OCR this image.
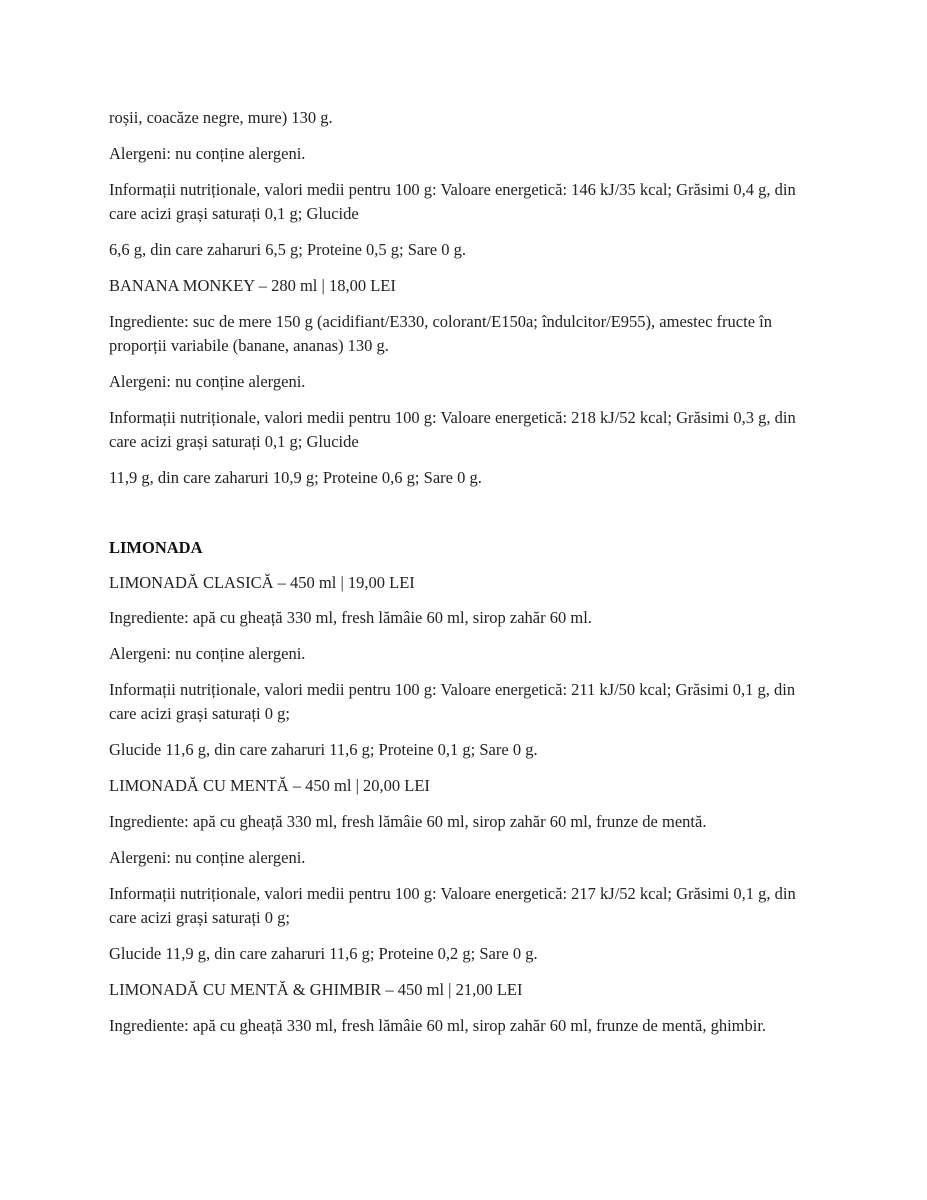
roșii, coacăze negre, mure) 130 g.

Alergeni: nu conține alergeni.

Informații nutriționale, valori medii pentru 100 g: Valoare energetică: 146 kJ/35 kcal; Grăsimi 0,4 g, din care acizi grași saturați 0,1 g; Glucide

6,6 g, din care zaharuri 6,5 g; Proteine 0,5 g; Sare 0 g.

BANANA MONKEY – 280 ml | 18,00 LEI

Ingrediente: suc de mere 150 g (acidifiant/E330, colorant/E150a; îndulcitor/E955), amestec fructe în proporții variabile (banane, ananas) 130 g.

Alergeni: nu conține alergeni.

Informații nutriționale, valori medii pentru 100 g: Valoare energetică: 218 kJ/52 kcal; Grăsimi 0,3 g, din care acizi grași saturați 0,1 g; Glucide

11,9 g, din care zaharuri 10,9 g; Proteine 0,6 g; Sare 0 g.

LIMONADA

LIMONADĂ CLASICĂ – 450 ml | 19,00 LEI

Ingrediente: apă cu gheață 330 ml, fresh lămâie 60 ml, sirop zahăr 60 ml.

Alergeni: nu conține alergeni.

Informații nutriționale, valori medii pentru 100 g: Valoare energetică: 211 kJ/50 kcal; Grăsimi 0,1 g, din care acizi grași saturați 0 g;

Glucide 11,6 g, din care zaharuri 11,6 g; Proteine 0,1 g; Sare 0 g.

LIMONADĂ CU MENTĂ – 450 ml | 20,00 LEI

Ingrediente: apă cu gheață 330 ml, fresh lămâie 60 ml, sirop zahăr 60 ml, frunze de mentă.

Alergeni: nu conține alergeni.

Informații nutriționale, valori medii pentru 100 g: Valoare energetică: 217 kJ/52 kcal; Grăsimi 0,1 g, din care acizi grași saturați 0 g;

Glucide 11,9 g, din care zaharuri 11,6 g; Proteine 0,2 g; Sare 0 g.

LIMONADĂ CU MENTĂ & GHIMBIR – 450 ml | 21,00 LEI

Ingrediente: apă cu gheață 330 ml, fresh lămâie 60 ml, sirop zahăr 60 ml, frunze de mentă, ghimbir.
